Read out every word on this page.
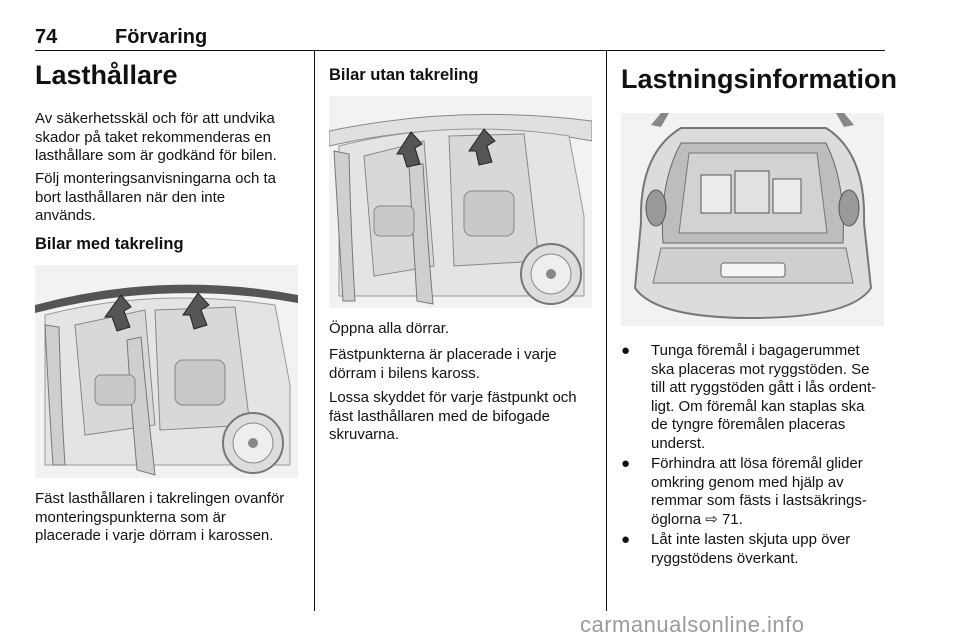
74	Förvaring
Lasthållare
Av säkerhetsskäl och för att undvika
skador på taket rekommenderas en
lasthållare som är godkänd för bilen.
Följ monteringsanvisningarna och ta
bort lasthållaren när den inte
används.
Bilar med takreling
Fäst lasthållaren i takrelingen ovanför
monteringspunkterna som är
placerade i varje dörram i karossen.
Bilar utan takreling
Öppna alla dörrar.
Fästpunkterna är placerade i varje
dörram i bilens kaross.
Lossa skyddet för varje fästpunkt och
fäst lasthållaren med de bifogade
skruvarna.
Lastningsinformation
● Tunga föremål i bagagerummet
ska placeras mot ryggstöden. Se
till att ryggstöden gått i lås ordent-
ligt. Om föremål kan staplas ska
de tyngre föremålen placeras
underst.
● Förhindra att lösa föremål glider
omkring genom med hjälp av
remmar som fästs i lastsäkrings-
öglorna ⇨ 71.
● Låt inte lasten skjuta upp över
ryggstödens överkant.
carmanualsonline.info
